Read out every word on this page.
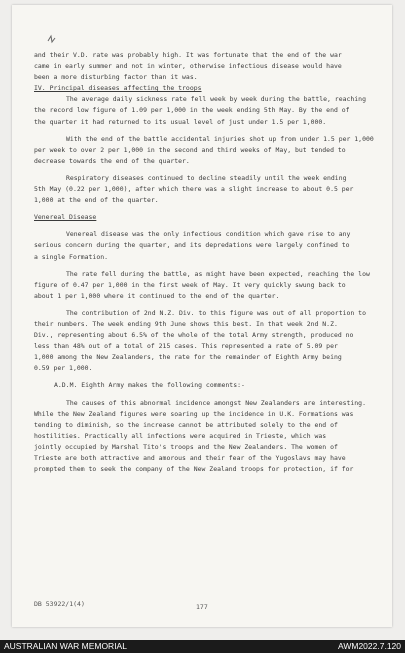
and their V.D. rate was probably high. It was fortunate that the end of the war
came in early summer and not in winter, otherwise infectious disease would have
been a more disturbing factor than it was.
IV. Principal diseases affecting the troops
The average daily sickness rate fell week by week during the battle, reaching
the record low figure of 1.09 per 1,000 in the week ending 5th May. By the end of
the quarter it had returned to its usual level of just under 1.5 per 1,000.
With the end of the battle accidental injuries shot up from under 1.5 per 1,000
per week to over 2 per 1,000 in the second and third weeks of May, but tended to
decrease towards the end of the quarter.
Respiratory diseases continued to decline steadily until the week ending
5th May (0.22 per 1,000), after which there was a slight increase to about 0.5 per
1,000 at the end of the quarter.
Venereal Disease
Venereal disease was the only infectious condition which gave rise to any
serious concern during the quarter, and its depredations were largely confined to
a single Formation.
The rate fell during the battle, as might have been expected, reaching the low
figure of 0.47 per 1,000 in the first week of May. It very quickly swung back to
about 1 per 1,000 where it continued to the end of the quarter.
The contribution of 2nd N.Z. Div. to this figure was out of all proportion to
their numbers. The week ending 9th June shows this best. In that week 2nd N.Z.
Div., representing about 6.5% of the whole of the total Army strength, produced no
less than 48% out of a total of 215 cases. This represented a rate of 5.09 per
1,000 among the New Zealanders, the rate for the remainder of Eighth Army being
0.59 per 1,000.
A.D.M. Eighth Army makes the following comments:-
The causes of this abnormal incidence amongst New Zealanders are interesting.
While the New Zealand figures were soaring up the incidence in U.K. Formations was
tending to diminish, so the increase cannot be attributed solely to the end of
hostilities. Practically all infections were acquired in Trieste, which was
jointly occupied by Marshal Tito's troops and the New Zealanders. The women of
Trieste are both attractive and amorous and their fear of the Yugoslavs may have
prompted them to seek the company of the New Zealand troops for protection, if for
DB 53922/1(4)	177
AUSTRALIAN WAR MEMORIAL	AWM2022.7.120
